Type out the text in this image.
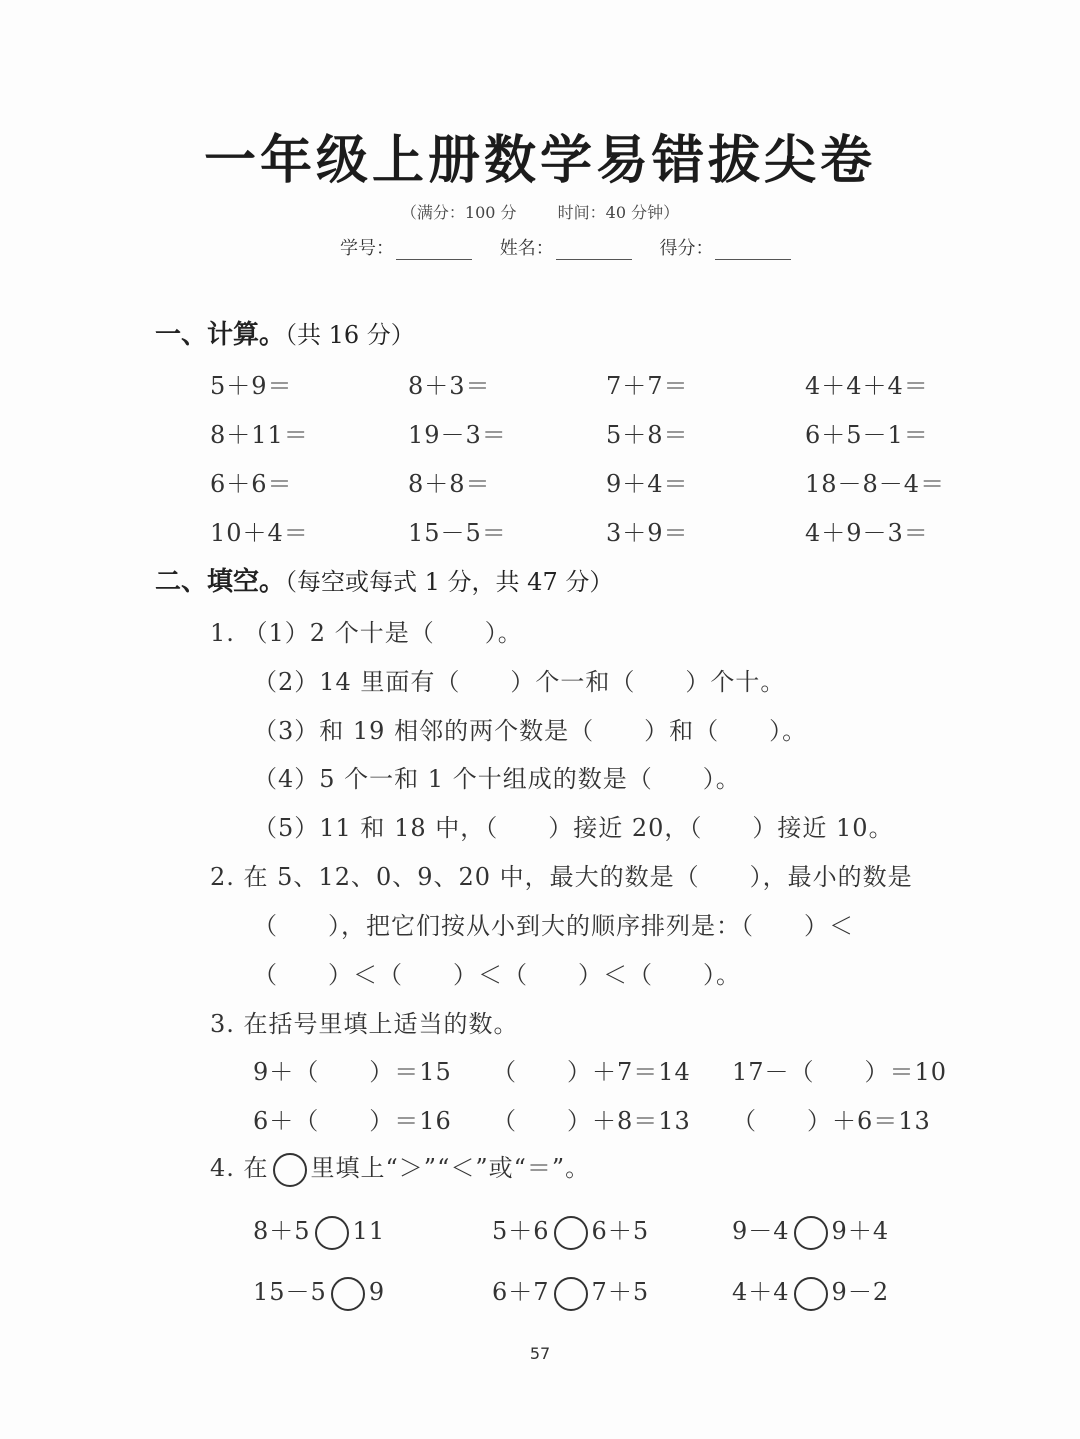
一年级上册数学易错拔尖卷
（满分：100 分	时间：40 分钟）
学号：	姓名：	得分：
一、计算。（共 16 分）
5＋9＝	8＋3＝	7＋7＝	4＋4＋4＝
8＋11＝	19－3＝	5＋8＝	6＋5－1＝
6＋6＝	8＋8＝	9＋4＝	18－8－4＝
10＋4＝	15－5＝	3＋9＝	4＋9－3＝
二、填空。（每空或每式 1 分，共 47 分）
1. （1）2 个十是（　　）。
（2）14 里面有（　　）个一和（　　）个十。
（3）和 19 相邻的两个数是（　　）和（　　）。
（4）5 个一和 1 个十组成的数是（　　）。
（5）11 和 18 中，（　　）接近 20，（　　）接近 10。
2. 在 5、12、0、9、20 中，最大的数是（　　），最小的数是
（　　），把它们按从小到大的顺序排列是：（　　）＜
（　　）＜（　　）＜（　　）＜（　　）。
3. 在括号里填上适当的数。
9＋（　　）＝15 （　　）＋7＝14 17－（　　）＝10
6＋（　　）＝16 （　　）＋8＝13 （　　）＋6＝13
4. 在 里填上“＞”“＜”或“＝”。
8＋5 11	5＋6 6＋5	9－4 9＋4
15－5 9	6＋7 7＋5	4＋4 9－2
57
